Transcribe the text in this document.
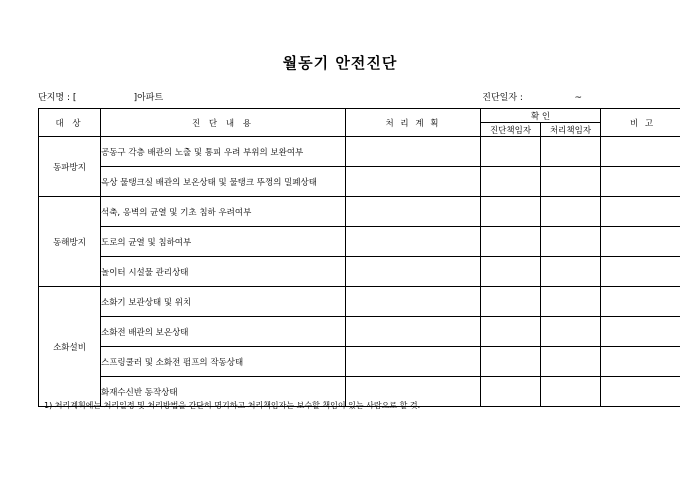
월동기 안전진단
단지명 : [                    ]아파트	진단일자 :                  ~
대 상	진 단 내 용	처 리 계 획	확 인		비 고
			진단책임자	처리책임자	
동파방지	공동구 각층 배관의 노출 및 통피 우려 부위의 보완여부				
	옥상 물탱크실 배관의 보온상태 및 물탱크 뚜껑의 밀폐상태				
동해방지	석축, 옹벽의 균열 및 기초 침하 우려여부				
	도로의 균열 및 침하여부				
	놀이터 시설물 관리상태				
소화설비	소화기 보관상태 및 위치				
	소화전 배관의 보온상태				
	스프링쿨러 및 소화전 펌프의 작동상태				
	화재수신반 동작상태				
1) 처리계획에는 처리일정 및 처리방법을 간단히 명기하고 처리책임자는 보수할 책임이 있는 사람으로 할 것.
